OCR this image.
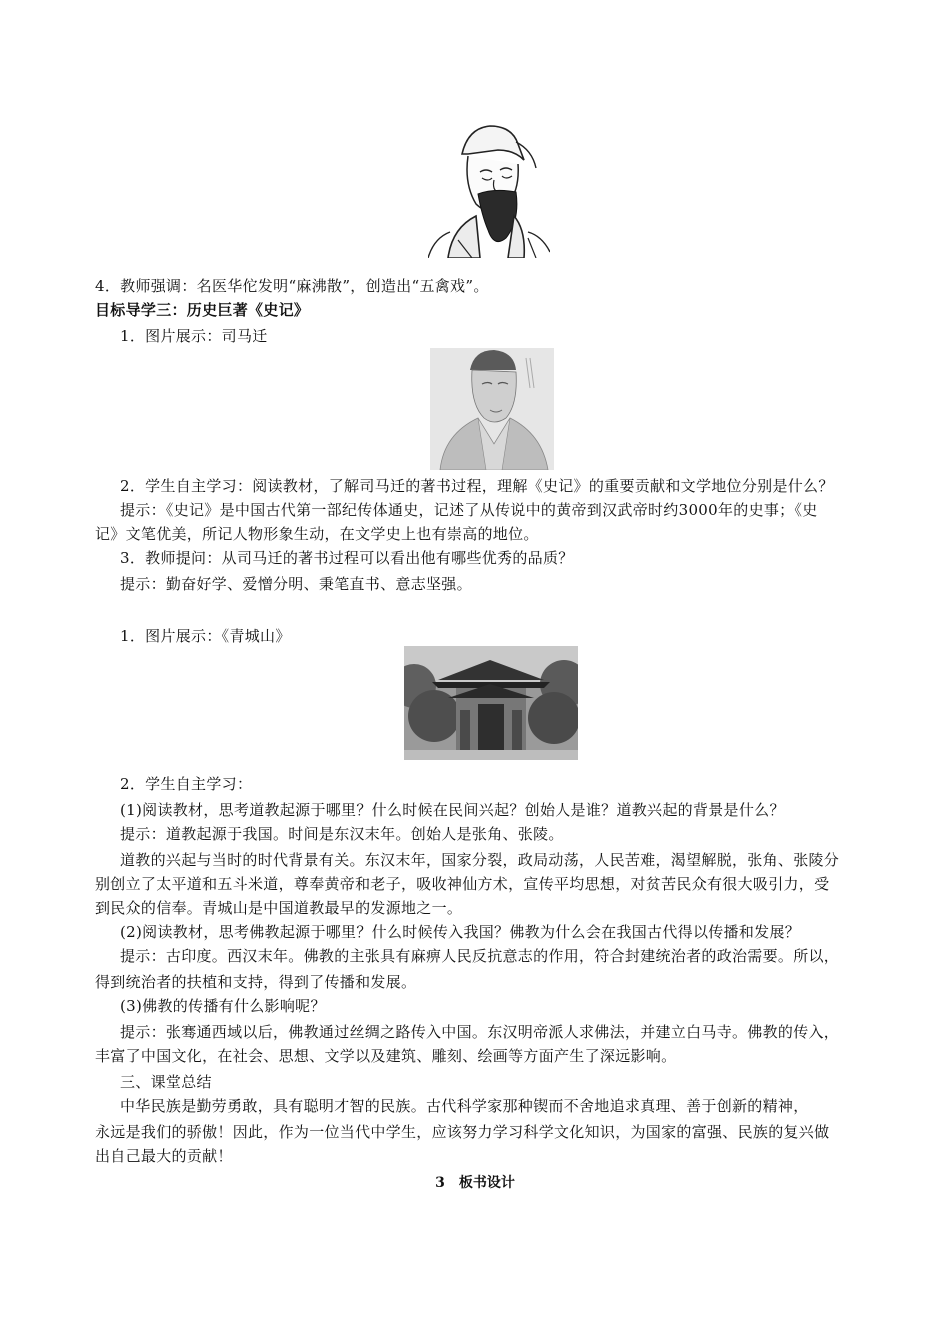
4．教师强调：名医华佗发明“麻沸散”，创造出“五禽戏”。
目标导学三：历史巨著《史记》
1．图片展示：司马迁
2．学生自主学习：阅读教材，了解司马迁的著书过程，理解《史记》的重要贡献和文学地位分别是什么？
提示：《史记》是中国古代第一部纪传体通史，记述了从传说中的黄帝到汉武帝时约3000年的史事；《史
记》文笔优美，所记人物形象生动，在文学史上也有崇高的地位。
3．教师提问：从司马迁的著书过程可以看出他有哪些优秀的品质？
提示：勤奋好学、爱憎分明、秉笔直书、意志坚强。
1．图片展示：《青城山》
2．学生自主学习：
(1)阅读教材，思考道教起源于哪里？什么时候在民间兴起？创始人是谁？道教兴起的背景是什么？
提示：道教起源于我国。时间是东汉末年。创始人是张角、张陵。
道教的兴起与当时的时代背景有关。东汉末年，国家分裂，政局动荡，人民苦难，渴望解脱，张角、张陵分
别创立了太平道和五斗米道，尊奉黄帝和老子，吸收神仙方术，宣传平均思想，对贫苦民众有很大吸引力，受
到民众的信奉。青城山是中国道教最早的发源地之一。
(2)阅读教材，思考佛教起源于哪里？什么时候传入我国？佛教为什么会在我国古代得以传播和发展？
提示：古印度。西汉末年。佛教的主张具有麻痹人民反抗意志的作用，符合封建统治者的政治需要。所以，
得到统治者的扶植和支持，得到了传播和发展。
(3)佛教的传播有什么影响呢？
提示：张骞通西域以后，佛教通过丝绸之路传入中国。东汉明帝派人求佛法，并建立白马寺。佛教的传入，
丰富了中国文化，在社会、思想、文学以及建筑、雕刻、绘画等方面产生了深远影响。
三、课堂总结
中华民族是勤劳勇敢，具有聪明才智的民族。古代科学家那种锲而不舍地追求真理、善于创新的精神，
永远是我们的骄傲！因此，作为一位当代中学生，应该努力学习科学文化知识，为国家的富强、民族的复兴做
出自己最大的贡献！
3　板书设计
